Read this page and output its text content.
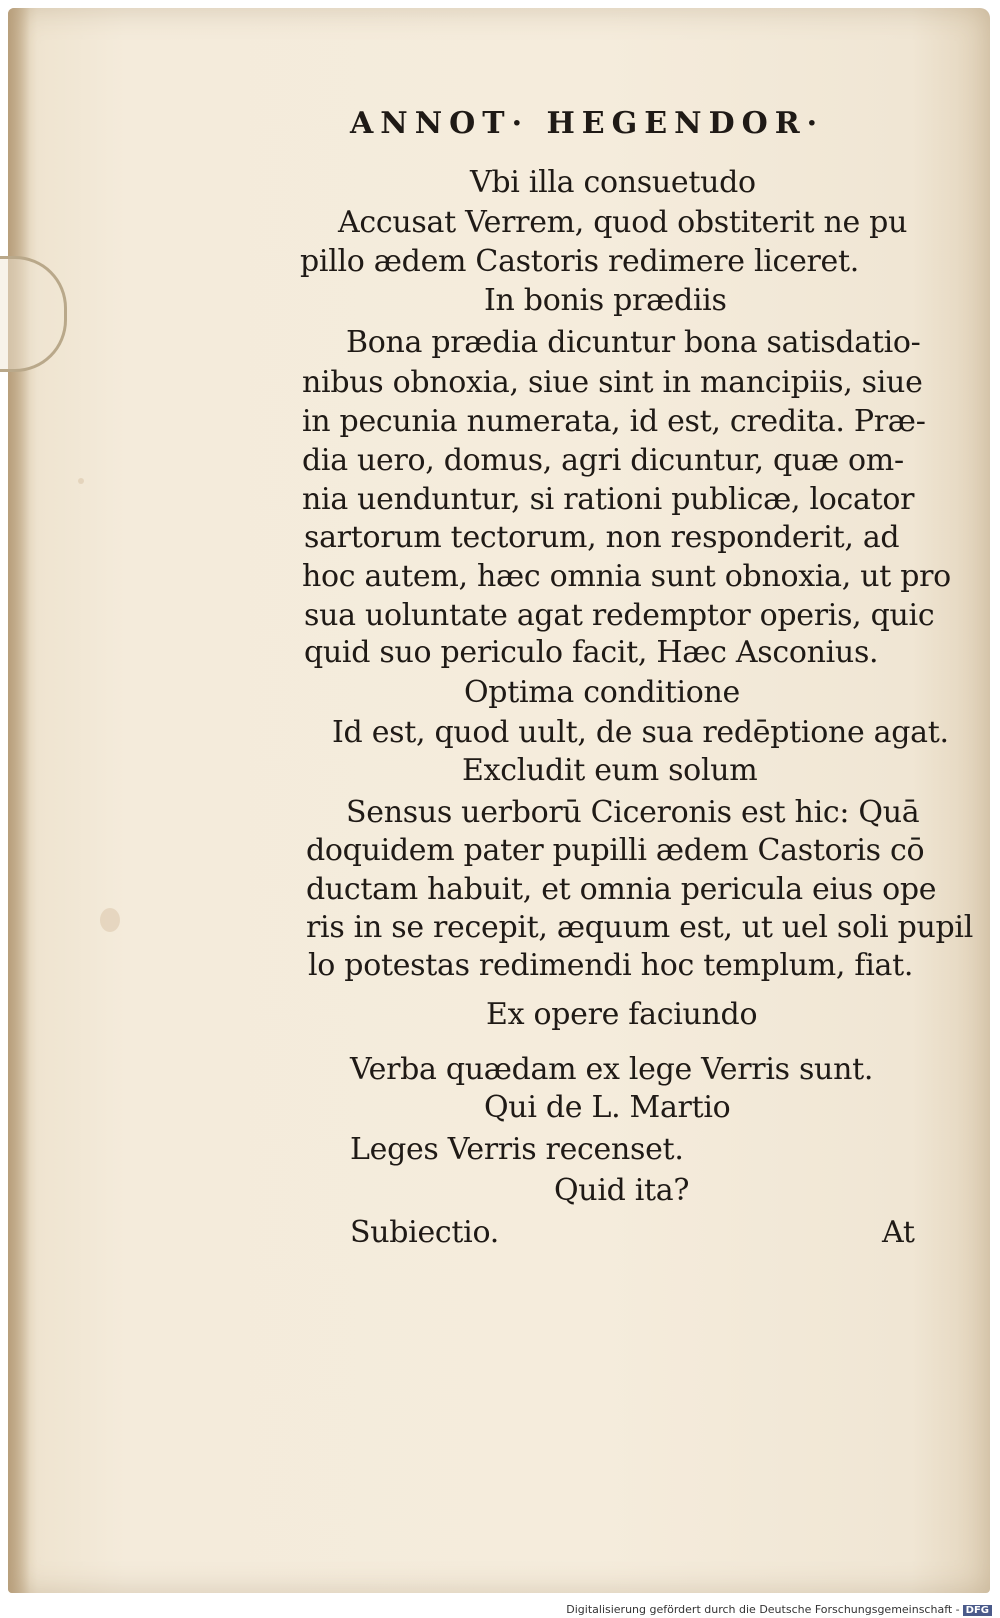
ANNOT· HEGENDOR·
Vbi illa consuetudo
Accusat Verrem, quod obstiterit ne pu
pillo ædem Castoris redimere liceret.
In bonis prædiis
Bona prædia dicuntur bona satisdatio-
nibus obnoxia, siue sint in mancipiis, siue
in pecunia numerata, id est, credita. Præ-
dia uero, domus, agri dicuntur, quæ om-
nia uenduntur, si rationi publicæ, locator
sartorum tectorum, non responderit, ad
hoc autem, hæc omnia sunt obnoxia, ut pro
sua uoluntate agat redemptor operis, quic
quid suo periculo facit, Hæc Asconius.
Optima conditione
Id est, quod uult, de sua redēptione agat.
Excludit eum solum
Sensus uerborū Ciceronis est hic: Quā
doquidem pater pupilli ædem Castoris cō
ductam habuit, et omnia pericula eius ope
ris in se recepit, æquum est, ut uel soli pupil
lo potestas redimendi hoc templum, fiat.
Ex opere faciundo
Verba quædam ex lege Verris sunt.
Qui de L. Martio
Leges Verris recenset.
Quid ita?
Subiectio.	At
Digitalisierung gefördert durch die Deutsche Forschungsgemeinschaft - DFG
